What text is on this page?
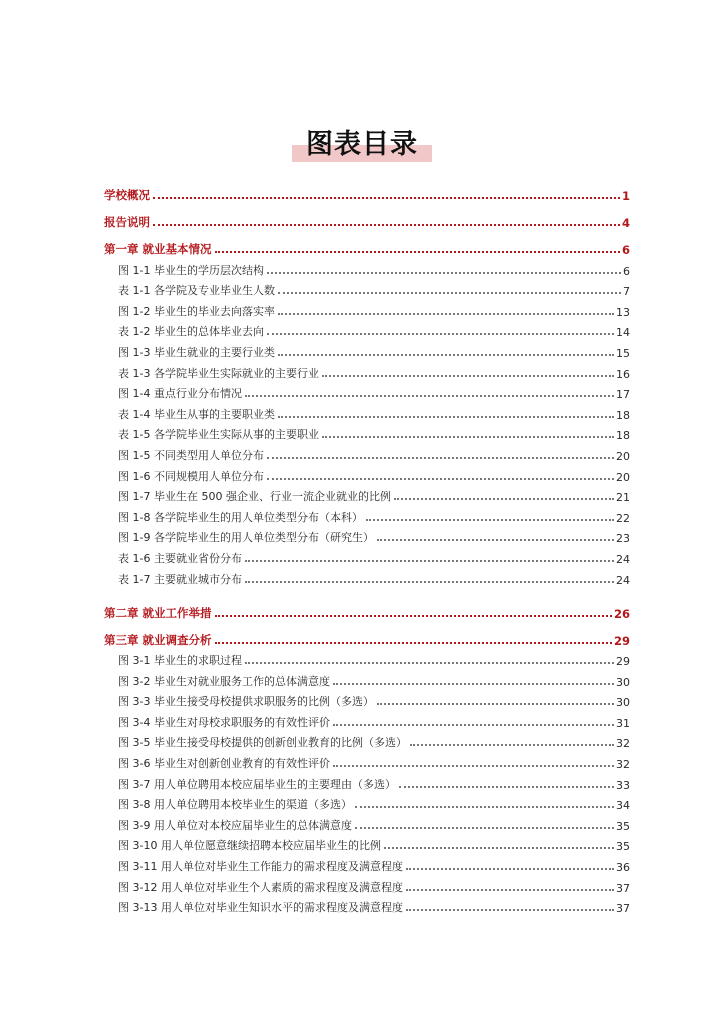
图表目录
学校概况	1
报告说明	4
第一章 就业基本情况	6
图 1-1 毕业生的学历层次结构	6
表 1-1 各学院及专业毕业生人数	7
图 1-2 毕业生的毕业去向落实率	13
表 1-2 毕业生的总体毕业去向	14
图 1-3 毕业生就业的主要行业类	15
表 1-3 各学院毕业生实际就业的主要行业	16
图 1-4 重点行业分布情况	17
表 1-4 毕业生从事的主要职业类	18
表 1-5 各学院毕业生实际从事的主要职业	18
图 1-5 不同类型用人单位分布	20
图 1-6 不同规模用人单位分布	20
图 1-7 毕业生在 500 强企业、行业一流企业就业的比例	21
图 1-8 各学院毕业生的用人单位类型分布（本科）	22
图 1-9 各学院毕业生的用人单位类型分布（研究生）	23
表 1-6 主要就业省份分布	24
表 1-7 主要就业城市分布	24
第二章 就业工作举措	26
第三章 就业调查分析	29
图 3-1 毕业生的求职过程	29
图 3-2 毕业生对就业服务工作的总体满意度	30
图 3-3 毕业生接受母校提供求职服务的比例（多选）	30
图 3-4 毕业生对母校求职服务的有效性评价	31
图 3-5 毕业生接受母校提供的创新创业教育的比例（多选）	32
图 3-6 毕业生对创新创业教育的有效性评价	32
图 3-7 用人单位聘用本校应届毕业生的主要理由（多选）	33
图 3-8 用人单位聘用本校毕业生的渠道（多选）	34
图 3-9 用人单位对本校应届毕业生的总体满意度	35
图 3-10 用人单位愿意继续招聘本校应届毕业生的比例	35
图 3-11 用人单位对毕业生工作能力的需求程度及满意程度	36
图 3-12 用人单位对毕业生个人素质的需求程度及满意程度	37
图 3-13 用人单位对毕业生知识水平的需求程度及满意程度	37
